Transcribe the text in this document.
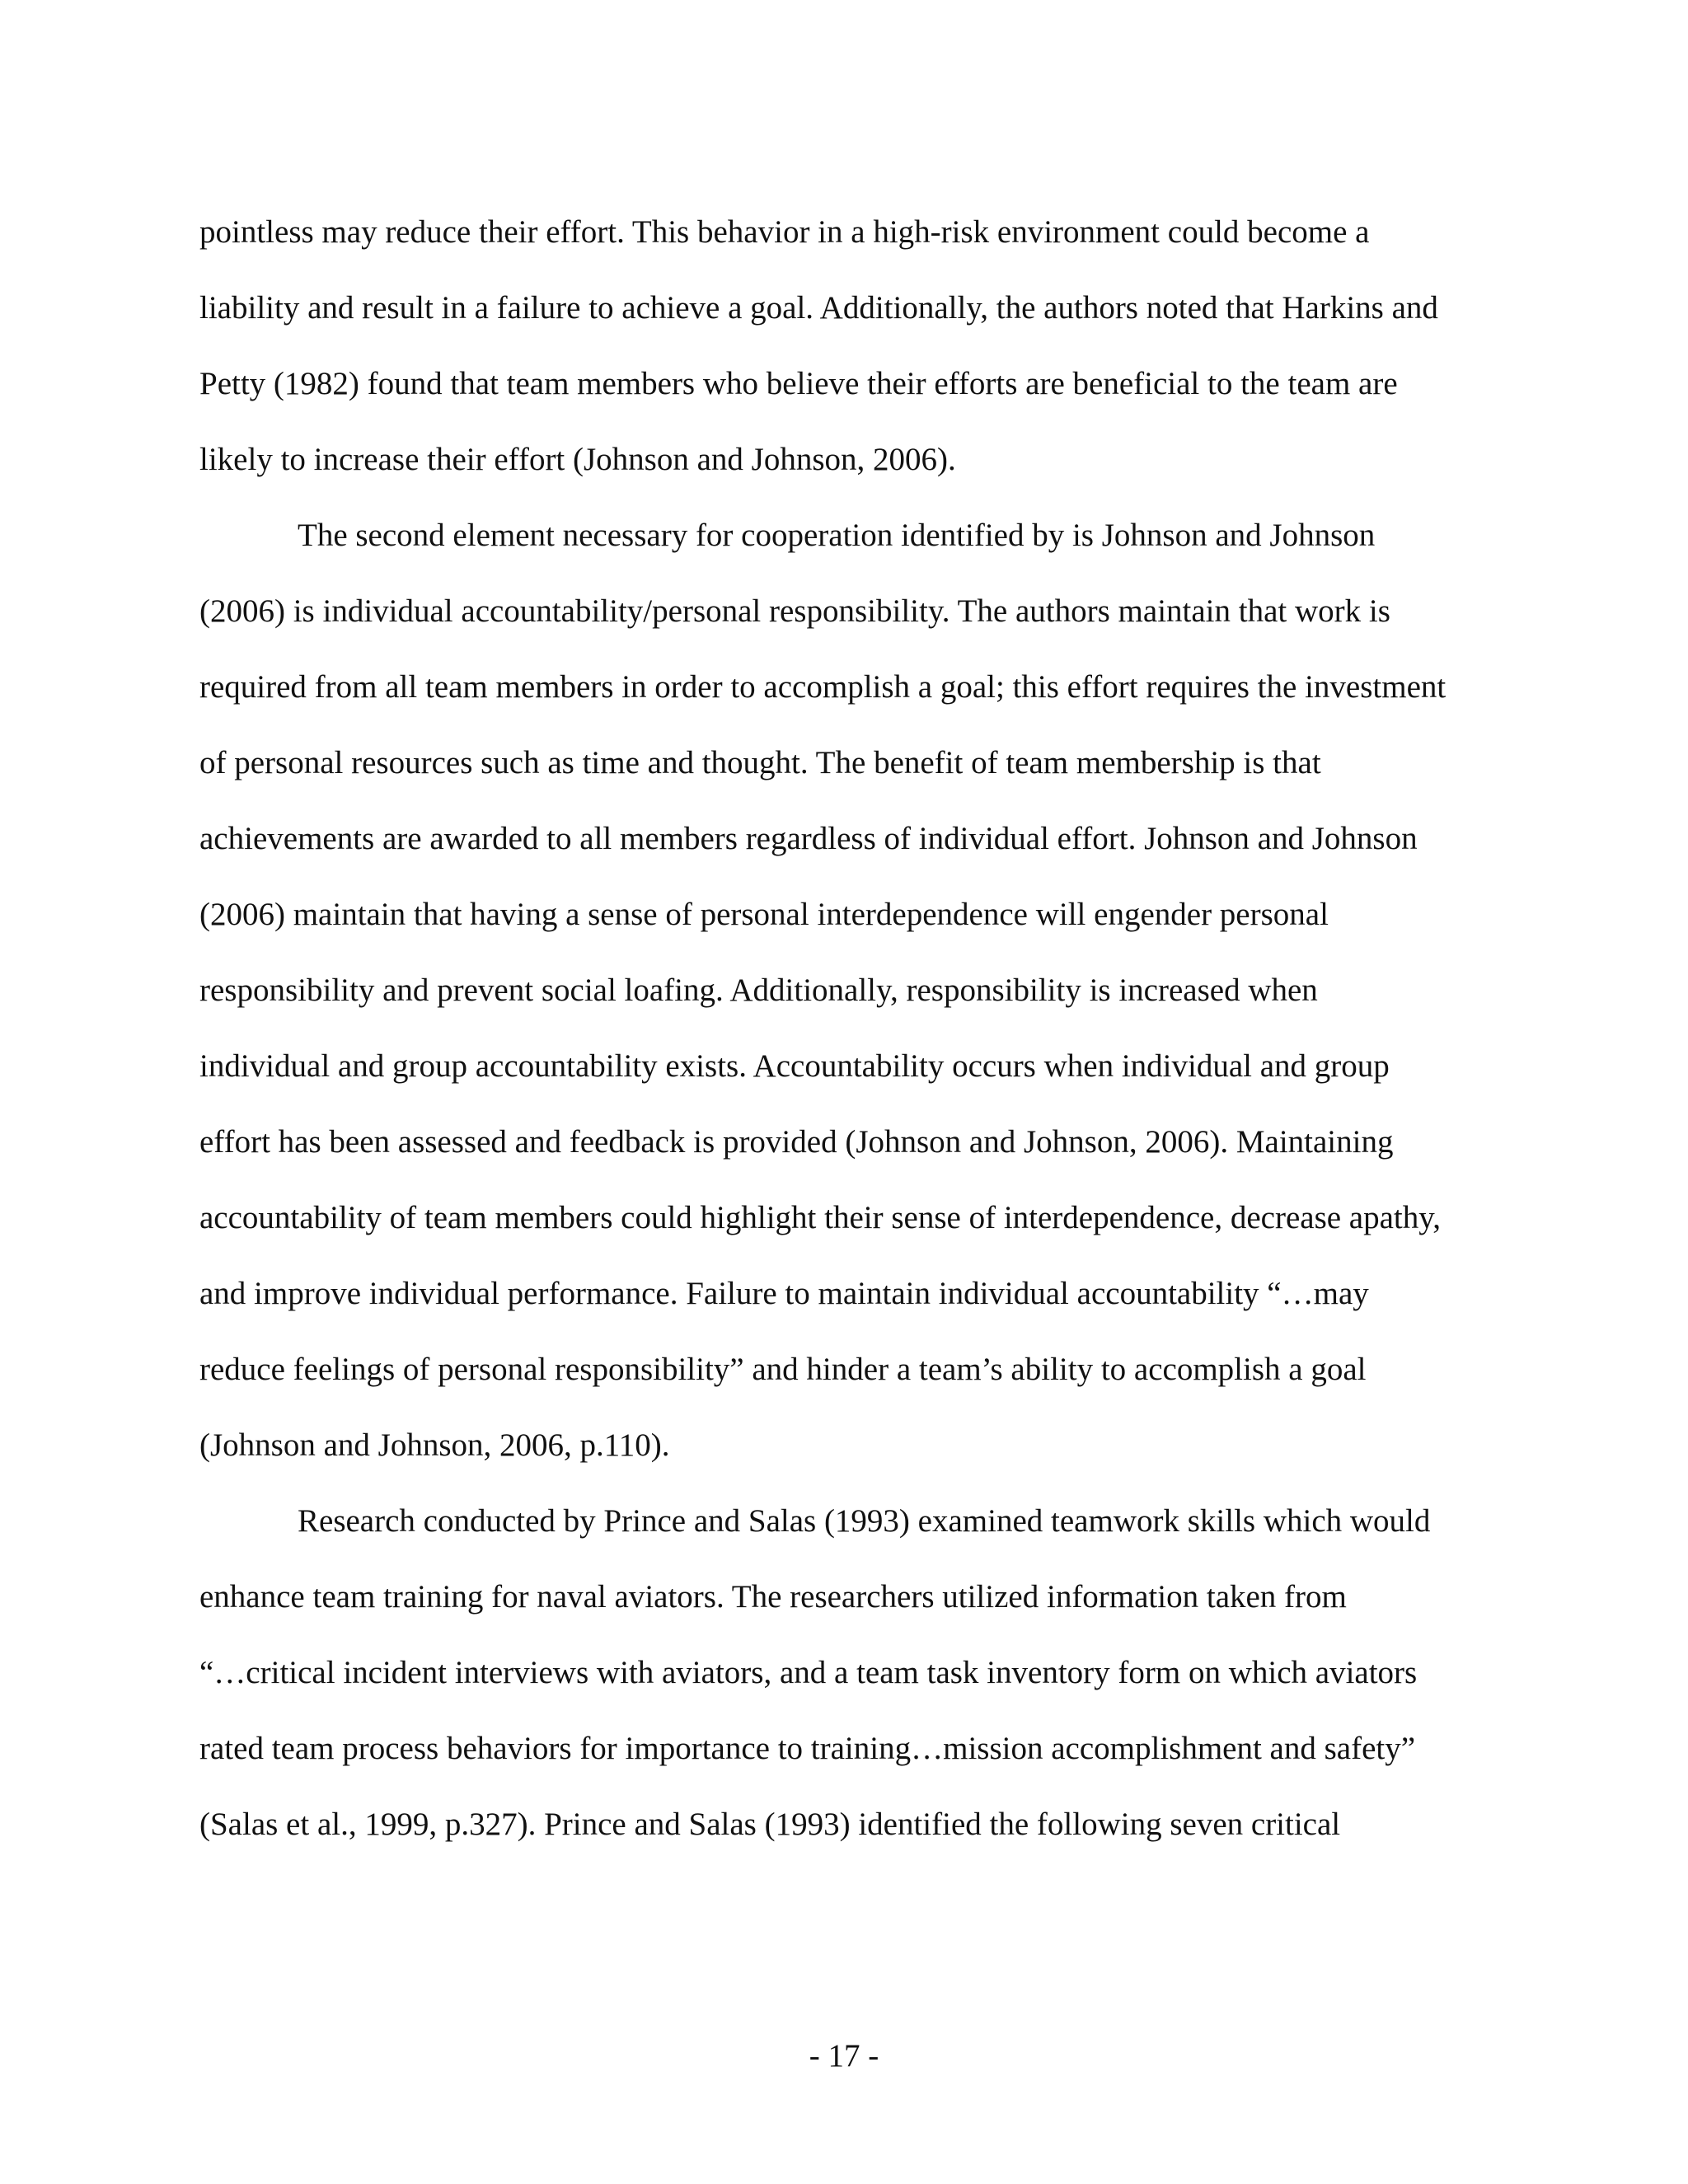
pointless may reduce their effort. This behavior in a high-risk environment could become a
liability and result in a failure to achieve a goal. Additionally, the authors noted that Harkins and
Petty (1982) found that team members who believe their efforts are beneficial to the team are
likely to increase their effort (Johnson and Johnson, 2006).

The second element necessary for cooperation identified by is Johnson and Johnson
(2006) is individual accountability/personal responsibility. The authors maintain that work is
required from all team members in order to accomplish a goal; this effort requires the investment
of personal resources such as time and thought. The benefit of team membership is that
achievements are awarded to all members regardless of individual effort. Johnson and Johnson
(2006) maintain that having a sense of personal interdependence will engender personal
responsibility and prevent social loafing. Additionally, responsibility is increased when
individual and group accountability exists. Accountability occurs when individual and group
effort has been assessed and feedback is provided (Johnson and Johnson, 2006). Maintaining
accountability of team members could highlight their sense of interdependence, decrease apathy,
and improve individual performance. Failure to maintain individual accountability “…may
reduce feelings of personal responsibility” and hinder a team’s ability to accomplish a goal
(Johnson and Johnson, 2006, p.110).

Research conducted by Prince and Salas (1993) examined teamwork skills which would
enhance team training for naval aviators. The researchers utilized information taken from
“…critical incident interviews with aviators, and a team task inventory form on which aviators
rated team process behaviors for importance to training…mission accomplishment and safety”
(Salas et al., 1999, p.327). Prince and Salas (1993) identified the following seven critical

- 17 -
